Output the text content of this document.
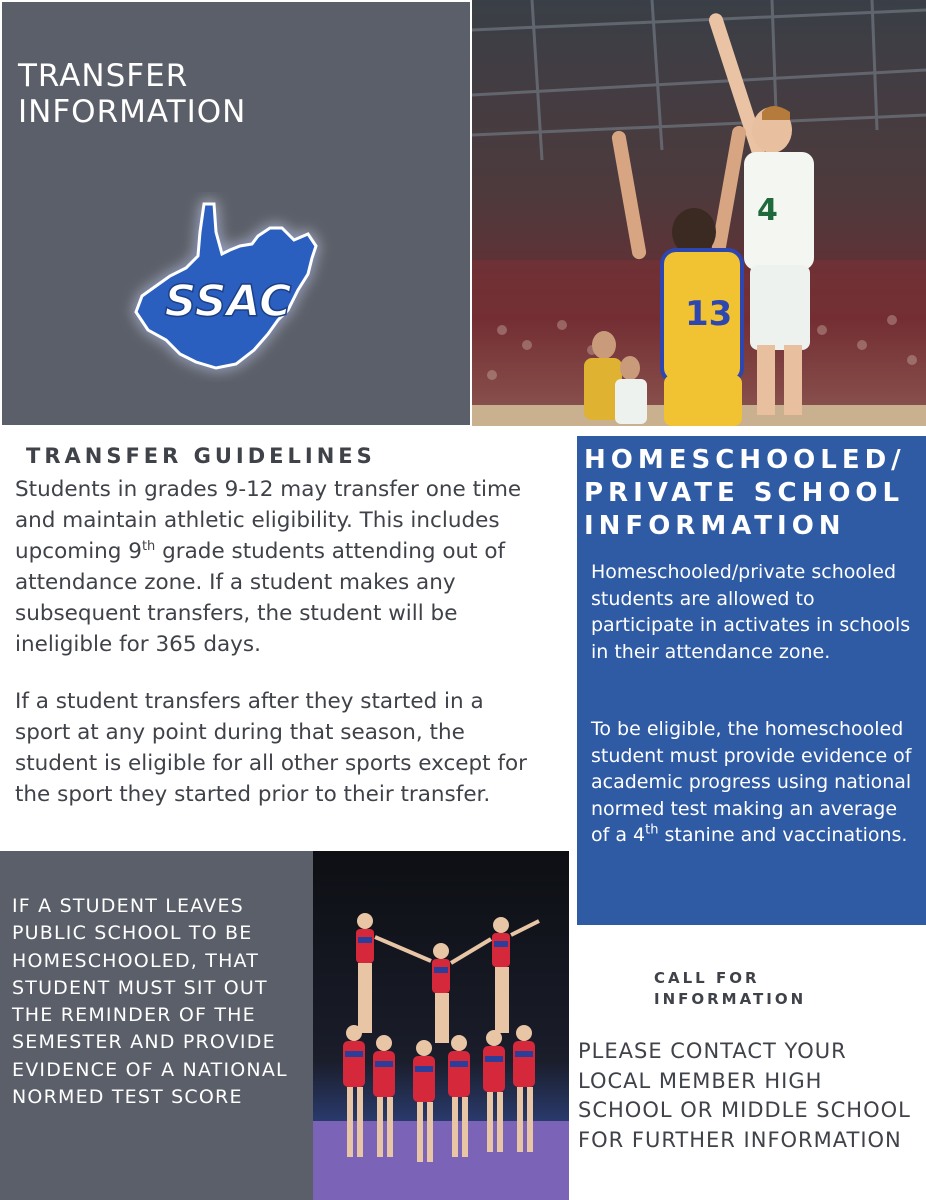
TRANSFER
INFORMATION
SSAC
4
13
TRANSFER GUIDELINES

Students in grades 9-12 may transfer one time and maintain athletic eligibility. This includes upcoming 9th grade students attending out of attendance zone. If a student makes any subsequent transfers, the student will be ineligible for 365 days.

If a student transfers after they started in a sport at any point during that season, the student is eligible for all other sports except for the sport they started prior to their transfer.

HOMESCHOOLED/
PRIVATE SCHOOL
INFORMATION

Homeschooled/private schooled students are allowed to participate in activates in schools in their attendance zone.

To be eligible, the homeschooled student must provide evidence of academic progress using national normed test making an average of a 4th stanine and vaccinations.

IF A STUDENT LEAVES PUBLIC SCHOOL TO BE HOMESCHOOLED, THAT STUDENT MUST SIT OUT THE REMINDER OF THE SEMESTER AND PROVIDE EVIDENCE OF A NATIONAL NORMED TEST SCORE

CALL FOR
INFORMATION

PLEASE CONTACT YOUR LOCAL MEMBER HIGH SCHOOL OR MIDDLE SCHOOL FOR FURTHER INFORMATION
